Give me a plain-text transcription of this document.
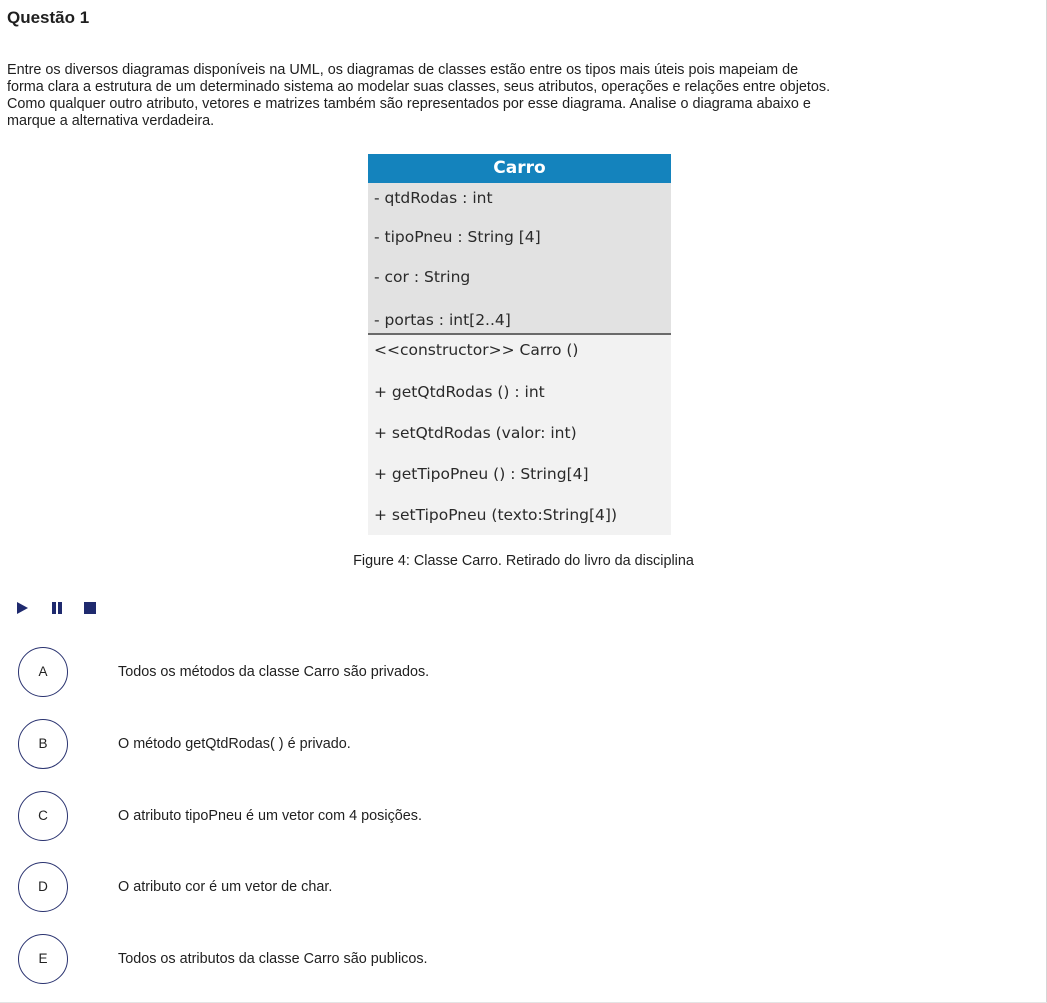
Questão 1

Entre os diversos diagramas disponíveis na UML, os diagramas de classes estão entre os tipos mais úteis pois mapeiam de

forma clara a estrutura de um determinado sistema ao modelar suas classes, seus atributos, operações e relações entre objetos.

Como qualquer outro atributo, vetores e matrizes também são representados por esse diagrama. Analise o diagrama abaixo e

marque a alternativa verdadeira.

Carro
- qtdRodas : int
- tipoPneu : String [4]
- cor : String
- portas : int[2..4]
<<constructor>> Carro ()
+ getQtdRodas () : int
+ setQtdRodas (valor: int)
+ getTipoPneu () : String[4]
+ setTipoPneu (texto:String[4])
Figure 4: Classe Carro. Retirado do livro da disciplina
A	Todos os métodos da classe Carro são privados.
B	O método getQtdRodas( ) é privado.
C	O atributo tipoPneu é um vetor com 4 posições.
D	O atributo cor é um vetor de char.
E	Todos os atributos da classe Carro são publicos.
